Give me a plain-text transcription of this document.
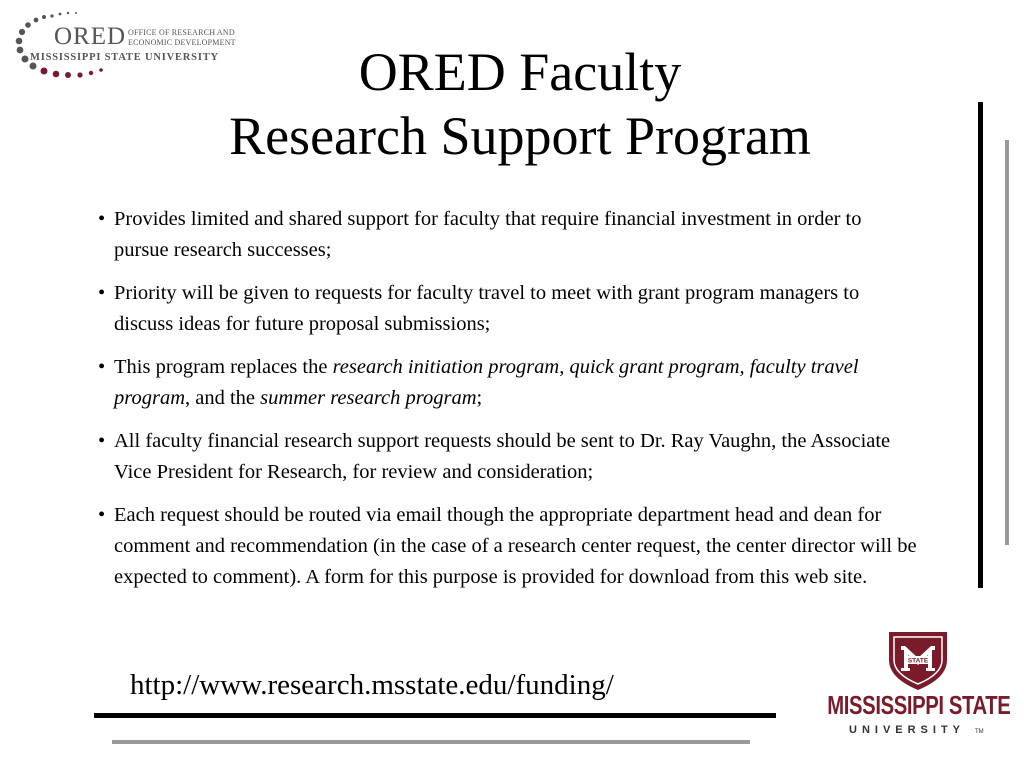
ORED OFFICE OF RESEARCH AND
ECONOMIC DEVELOPMENT
MISSISSIPPI STATE UNIVERSITY	ORED Faculty
Research Support Program
• Provides limited and shared support for faculty that require financial investment in order to pursue research successes;
• Priority will be given to requests for faculty travel to meet with grant program managers to discuss ideas for future proposal submissions;
• This program replaces the research initiation program, quick grant program, faculty travel program, and the summer research program;
• All faculty financial research support requests should be sent to Dr. Ray Vaughn, the Associate Vice President for Research, for review and consideration;
• Each request should be routed via email though the appropriate department head and dean for comment and recommendation (in the case of a research center request, the center director will be expected to comment). A form for this purpose is provided for download from this web site.
http://www.research.msstate.edu/funding/
STATE
MISSISSIPPI STATE
UNIVERSITY TM
